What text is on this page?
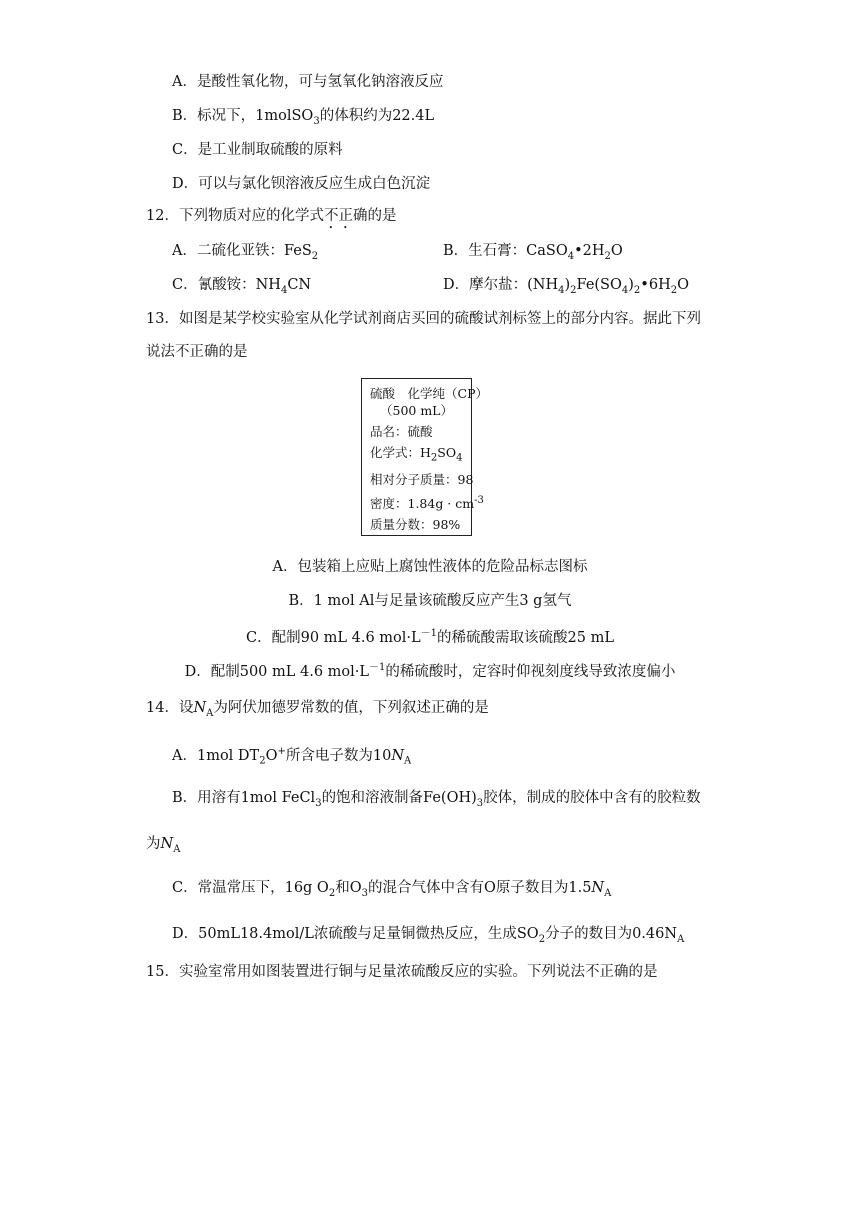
A．是酸性氧化物，可与氢氧化钠溶液反应
B．标况下，1molSO$_3$的体积约为22.4L
C．是工业制取硫酸的原料
D．可以与氯化钡溶液反应生成白色沉淀
12．下列物质对应的化学式不正确的是
A．二硫化亚铁：FeS$_2$	B．生石膏：$CaSO_4•2H_2O$
C．氰酸铵：$NH_4CN$	D．摩尔盐：$(NH_4)_2Fe(SO_4)_2•6H_2O$
13．如图是某学校实验室从化学试剂商店买回的硫酸试剂标签上的部分内容。据此下列
说法不正确的是
硫酸　化学纯（CP）
（500 mL）
品名：硫酸
化学式：$H_2SO_4$
相对分子质量：98
密度：$1.84g \cdot cm^{-3}$
质量分数：98%
A．包装箱上应贴上腐蚀性液体的危险品标志图标
B．1 mol Al与足量该硫酸反应产生3 g氢气
C．配制90 mL 4.6 $mol\cdot L^{-1}$的稀硫酸需取该硫酸25 mL
D．配制500 mL 4.6 $mol\cdot L^{-1}$的稀硫酸时，定容时仰视刻度线导致浓度偏小
14．设$N_A$为阿伏加德罗常数的值，下列叙述正确的是
A．1mol $DT_2O^+$所含电子数为$10N_A$
B．用溶有1mol FeCl$_3$的饱和溶液制备$Fe(OH)_3$胶体，制成的胶体中含有的胶粒数
为$N_A$
C．常温常压下，16g $O_2$和$O_3$的混合气体中含有O原子数目为$1.5N_A$
D．50mL18.4mol/L浓硫酸与足量铜微热反应，生成$SO_2$分子的数目为$0.46N_A$
15．实验室常用如图装置进行铜与足量浓硫酸反应的实验。下列说法不正确的是
